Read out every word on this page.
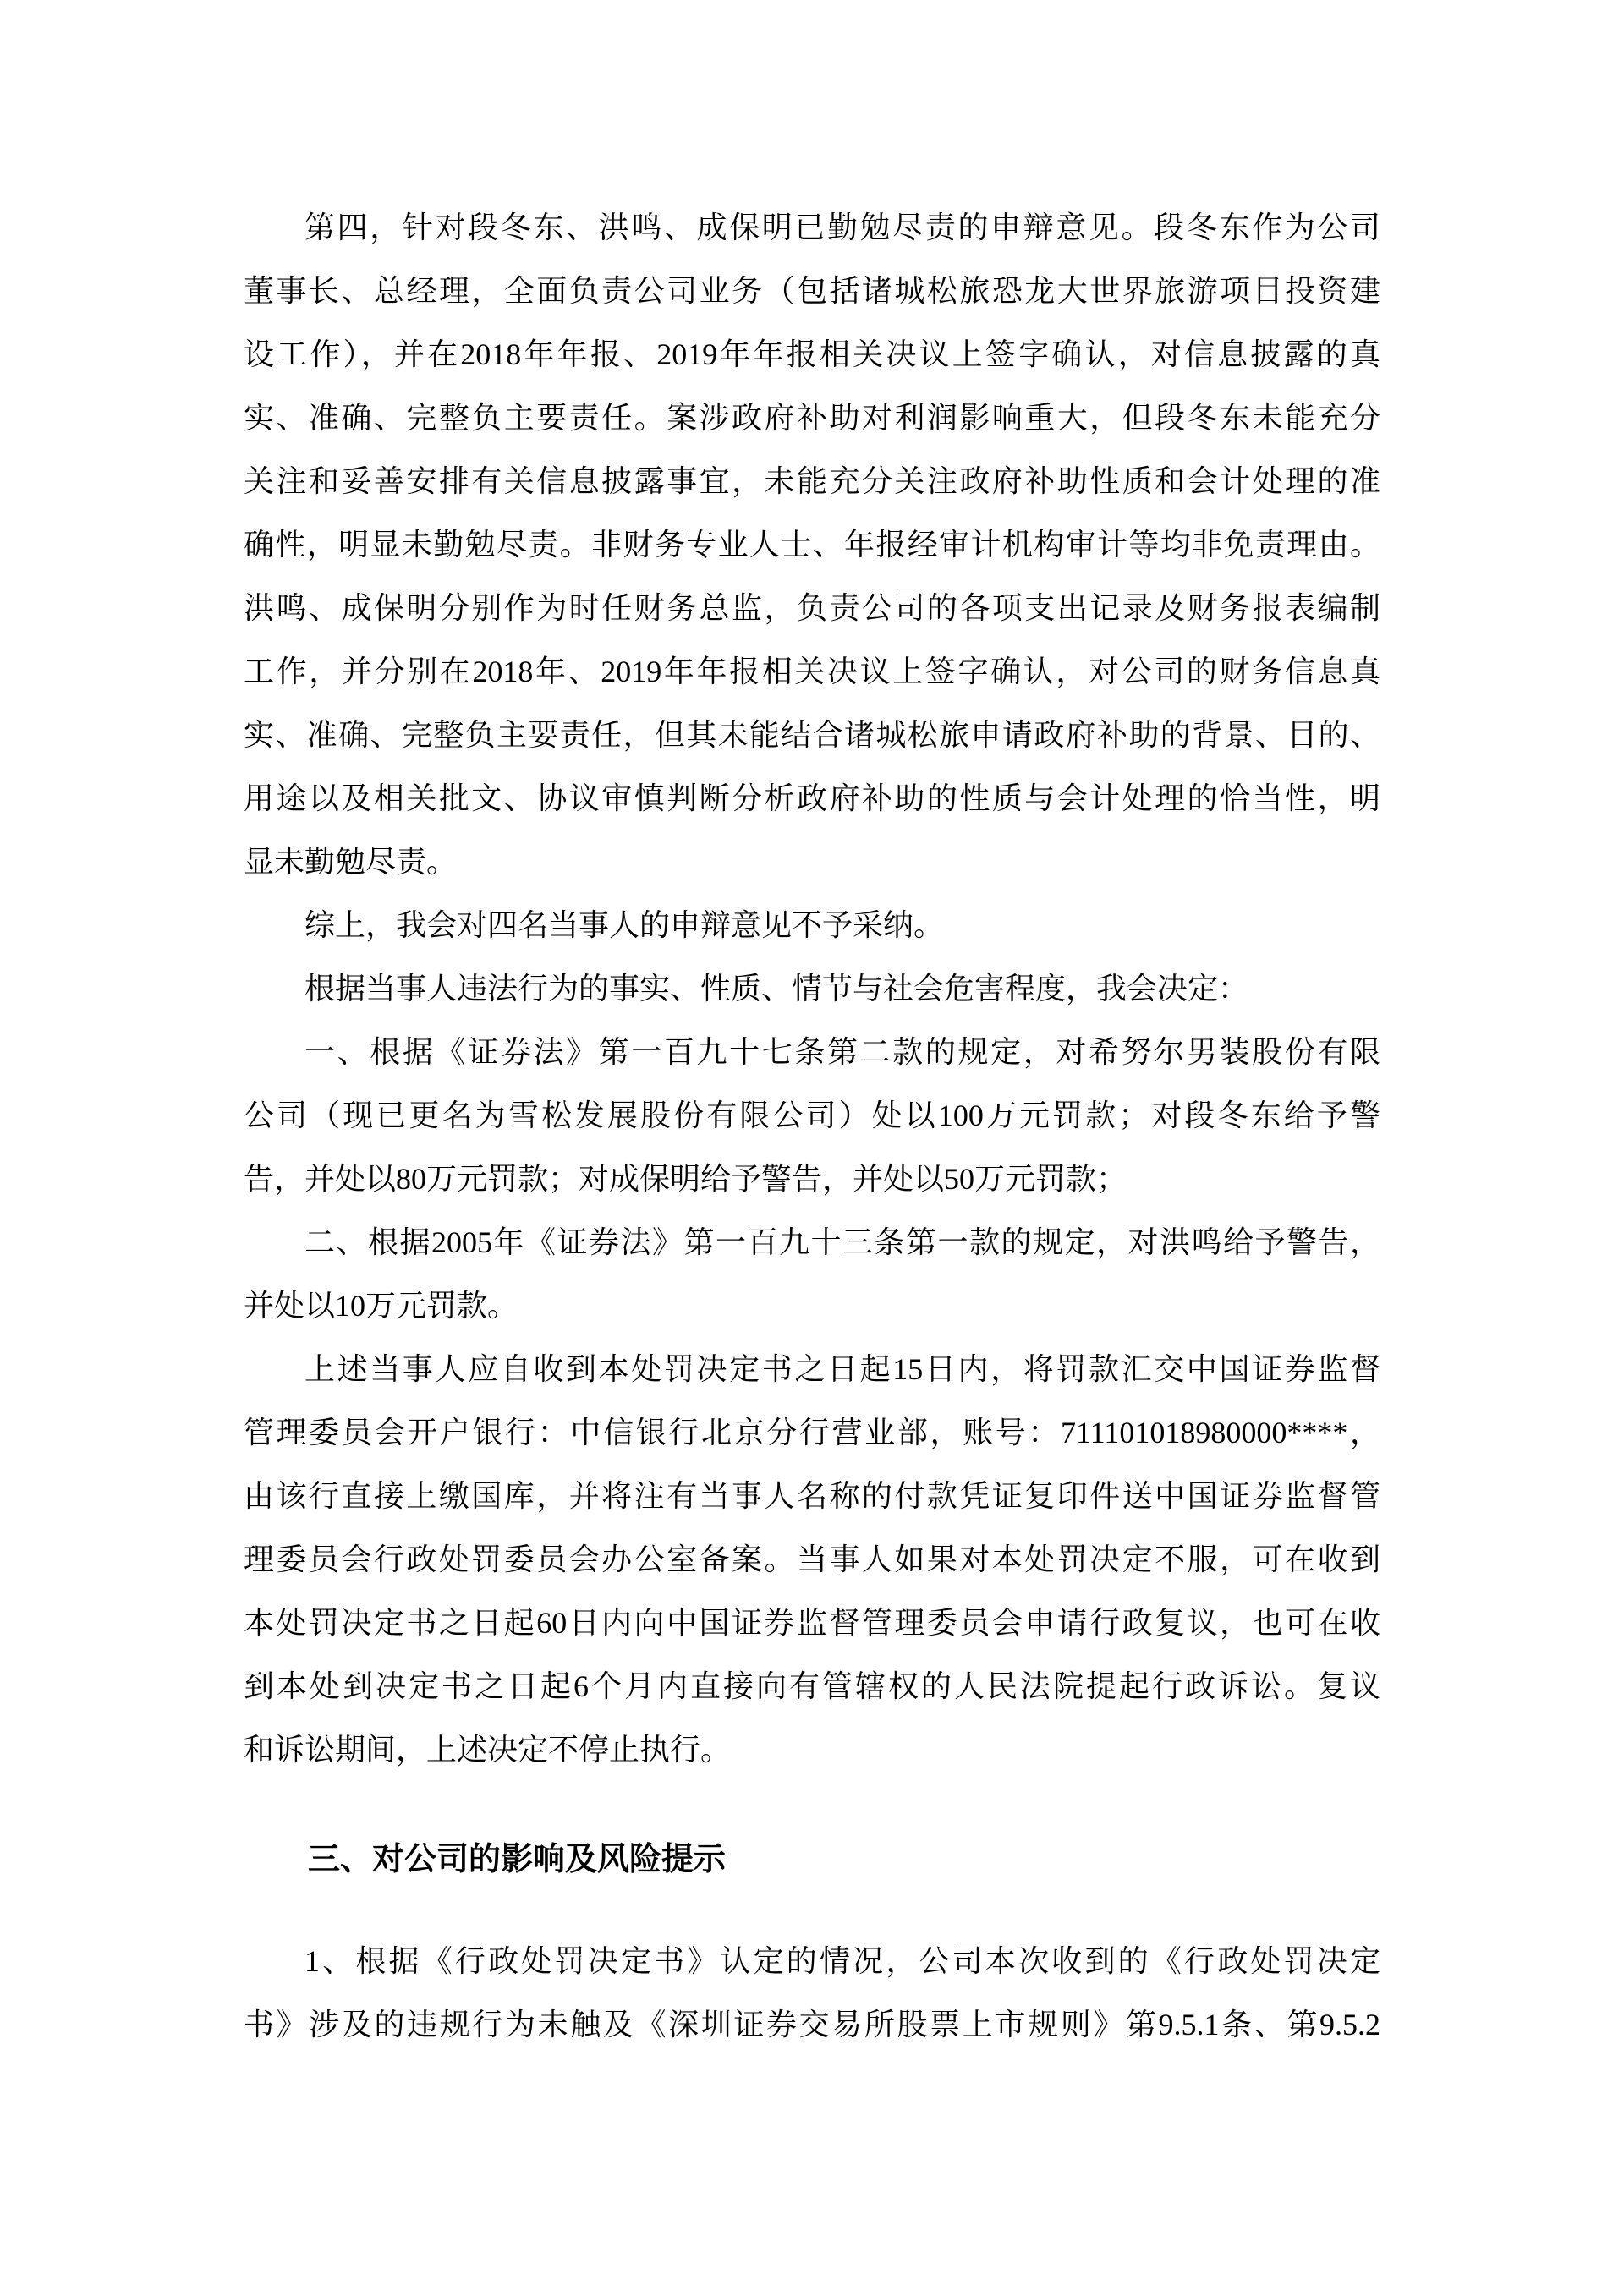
第四，针对段冬东、洪鸣、成保明已勤勉尽责的申辩意见。段冬东作为公司
董事长、总经理，全面负责公司业务（包括诸城松旅恐龙大世界旅游项目投资建
设工作），并在2018年年报、2019年年报相关决议上签字确认，对信息披露的真
实、准确、完整负主要责任。案涉政府补助对利润影响重大，但段冬东未能充分
关注和妥善安排有关信息披露事宜，未能充分关注政府补助性质和会计处理的准
确性，明显未勤勉尽责。非财务专业人士、年报经审计机构审计等均非免责理由。
洪鸣、成保明分别作为时任财务总监，负责公司的各项支出记录及财务报表编制
工作，并分别在2018年、2019年年报相关决议上签字确认，对公司的财务信息真
实、准确、完整负主要责任，但其未能结合诸城松旅申请政府补助的背景、目的、
用途以及相关批文、协议审慎判断分析政府补助的性质与会计处理的恰当性，明
显未勤勉尽责。
综上，我会对四名当事人的申辩意见不予采纳。
根据当事人违法行为的事实、性质、情节与社会危害程度，我会决定：
一、根据《证券法》第一百九十七条第二款的规定，对希努尔男装股份有限
公司（现已更名为雪松发展股份有限公司）处以100万元罚款；对段冬东给予警
告，并处以80万元罚款；对成保明给予警告，并处以50万元罚款；
二、根据2005年《证券法》第一百九十三条第一款的规定，对洪鸣给予警告，
并处以10万元罚款。
上述当事人应自收到本处罚决定书之日起15日内，将罚款汇交中国证券监督
管理委员会开户银行：中信银行北京分行营业部，账号：711101018980000****，
由该行直接上缴国库，并将注有当事人名称的付款凭证复印件送中国证券监督管
理委员会行政处罚委员会办公室备案。当事人如果对本处罚决定不服，可在收到
本处罚决定书之日起60日内向中国证券监督管理委员会申请行政复议，也可在收
到本处到决定书之日起6个月内直接向有管辖权的人民法院提起行政诉讼。复议
和诉讼期间，上述决定不停止执行。
三、对公司的影响及风险提示
1、根据《行政处罚决定书》认定的情况，公司本次收到的《行政处罚决定
书》涉及的违规行为未触及《深圳证券交易所股票上市规则》第9.5.1条、第9.5.2
